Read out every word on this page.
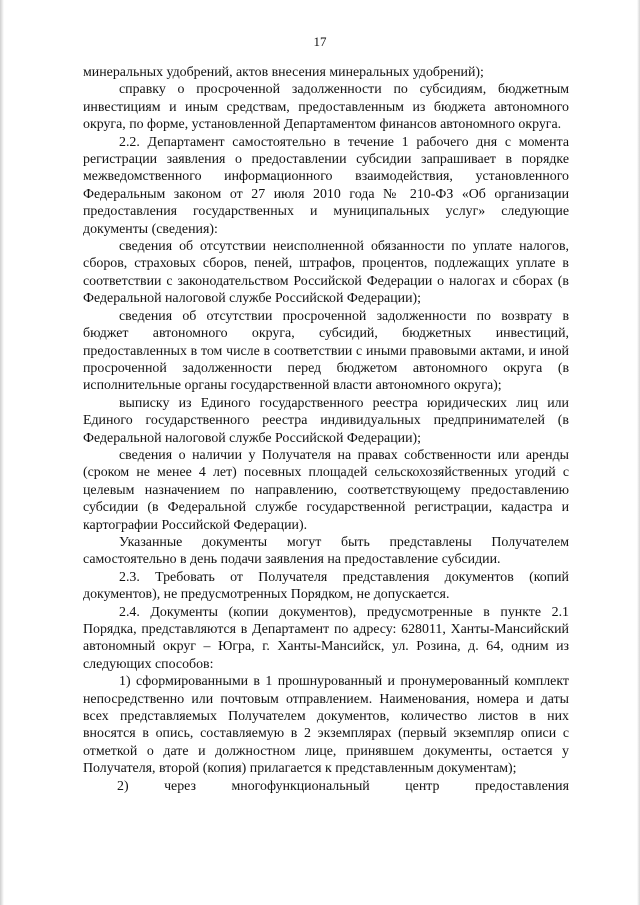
17

минеральных удобрений, актов внесения минеральных удобрений);

справку о просроченной задолженности по субсидиям, бюджетным инвестициям и иным средствам, предоставленным из бюджета автономного округа, по форме, установленной Департаментом финансов автономного округа.

2.2. Департамент самостоятельно в течение 1 рабочего дня с момента регистрации заявления о предоставлении субсидии запрашивает в порядке межведомственного информационного взаимодействия, установленного Федеральным законом от 27 июля 2010 года № 210-ФЗ «Об организации предоставления государственных и муниципальных услуг» следующие документы (сведения):

сведения об отсутствии неисполненной обязанности по уплате налогов, сборов, страховых сборов, пеней, штрафов, процентов, подлежащих уплате в соответствии с законодательством Российской Федерации о налогах и сборах (в Федеральной налоговой службе Российской Федерации);

сведения об отсутствии просроченной задолженности по возврату в бюджет автономного округа, субсидий, бюджетных инвестиций, предоставленных в том числе в соответствии с иными правовыми актами, и иной просроченной задолженности перед бюджетом автономного округа (в исполнительные органы государственной власти автономного округа);

выписку из Единого государственного реестра юридических лиц или Единого государственного реестра индивидуальных предпринимателей (в Федеральной налоговой службе Российской Федерации);

сведения о наличии у Получателя на правах собственности или аренды (сроком не менее 4 лет) посевных площадей сельскохозяйственных угодий с целевым назначением по направлению, соответствующему предоставлению субсидии (в Федеральной службе государственной регистрации, кадастра и картографии Российской Федерации).

Указанные документы могут быть представлены Получателем самостоятельно в день подачи заявления на предоставление субсидии.

2.3. Требовать от Получателя представления документов (копий документов), не предусмотренных Порядком, не допускается.

2.4. Документы (копии документов), предусмотренные в пункте 2.1 Порядка, представляются в Департамент по адресу: 628011, Ханты-Мансийский автономный округ – Югра, г. Ханты-Мансийск, ул. Розина, д. 64, одним из следующих способов:

1) сформированными в 1 прошнурованный и пронумерованный комплект непосредственно или почтовым отправлением. Наименования, номера и даты всех представляемых Получателем документов, количество листов в них вносятся в опись, составляемую в 2 экземплярах (первый экземпляр описи с отметкой о дате и должностном лице, принявшем документы, остается у Получателя, второй (копия) прилагается к представленным документам);

2) через многофункциональный центр предоставления
